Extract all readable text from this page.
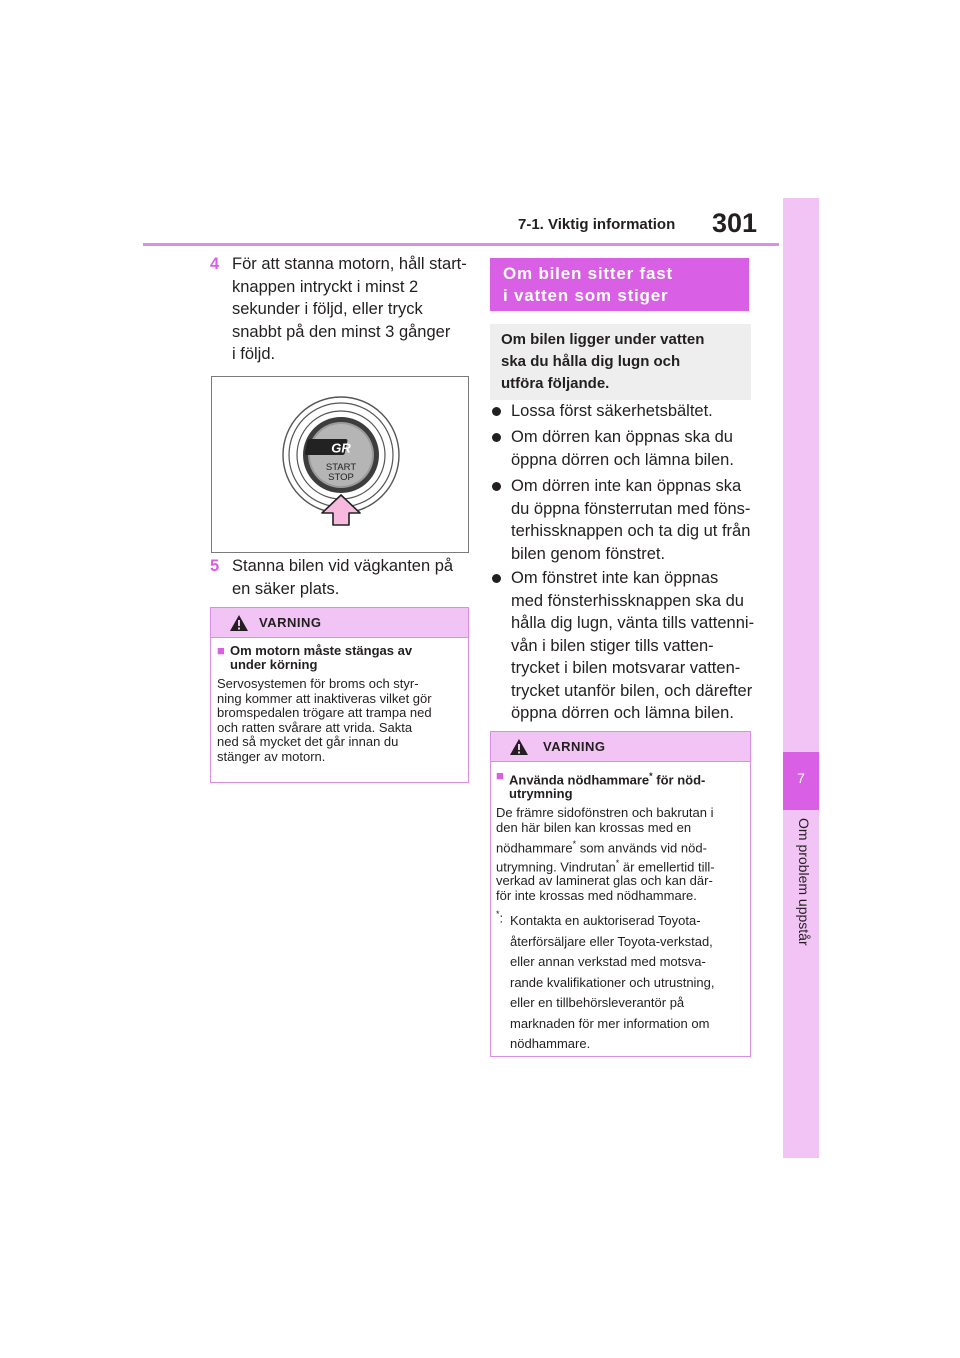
7-1. Viktig information 301
7
Om problem uppstår
4 För att stanna motorn, håll start-
knappen intryckt i minst 2
sekunder i följd, eller tryck
snabbt på den minst 3 gånger
i följd.
GR
START
STOP
5 Stanna bilen vid vägkanten på
en säker plats.
VARNING
■ Om motorn måste stängas av
under körning
Servosystemen för broms och styr-
ning kommer att inaktiveras vilket gör
bromspedalen trögare att trampa ned
och ratten svårare att vrida. Sakta
ned så mycket det går innan du
stänger av motorn.
Om bilen sitter fast
i vatten som stiger
Om bilen ligger under vatten
ska du hålla dig lugn och
utföra följande.
Lossa först säkerhetsbältet.
Om dörren kan öppnas ska du
öppna dörren och lämna bilen.
Om dörren inte kan öppnas ska
du öppna fönsterrutan med föns-
terhissknappen och ta dig ut från
bilen genom fönstret.
Om fönstret inte kan öppnas
med fönsterhissknappen ska du
hålla dig lugn, vänta tills vattenni-
vån i bilen stiger tills vatten-
trycket i bilen motsvarar vatten-
trycket utanför bilen, och därefter
öppna dörren och lämna bilen.
VARNING
■ Använda nödhammare* för nöd-
utrymning
De främre sidofönstren och bakrutan i
den här bilen kan krossas med en
nödhammare* som används vid nöd-
utrymning. Vindrutan* är emellertid till-
verkad av laminerat glas och kan där-
för inte krossas med nödhammare.

*: Kontakta en auktoriserad Toyota-
återförsäljare eller Toyota-verkstad,
eller annan verkstad med motsva-
rande kvalifikationer och utrustning,
eller en tillbehörsleverantör på
marknaden för mer information om
nödhammare.
